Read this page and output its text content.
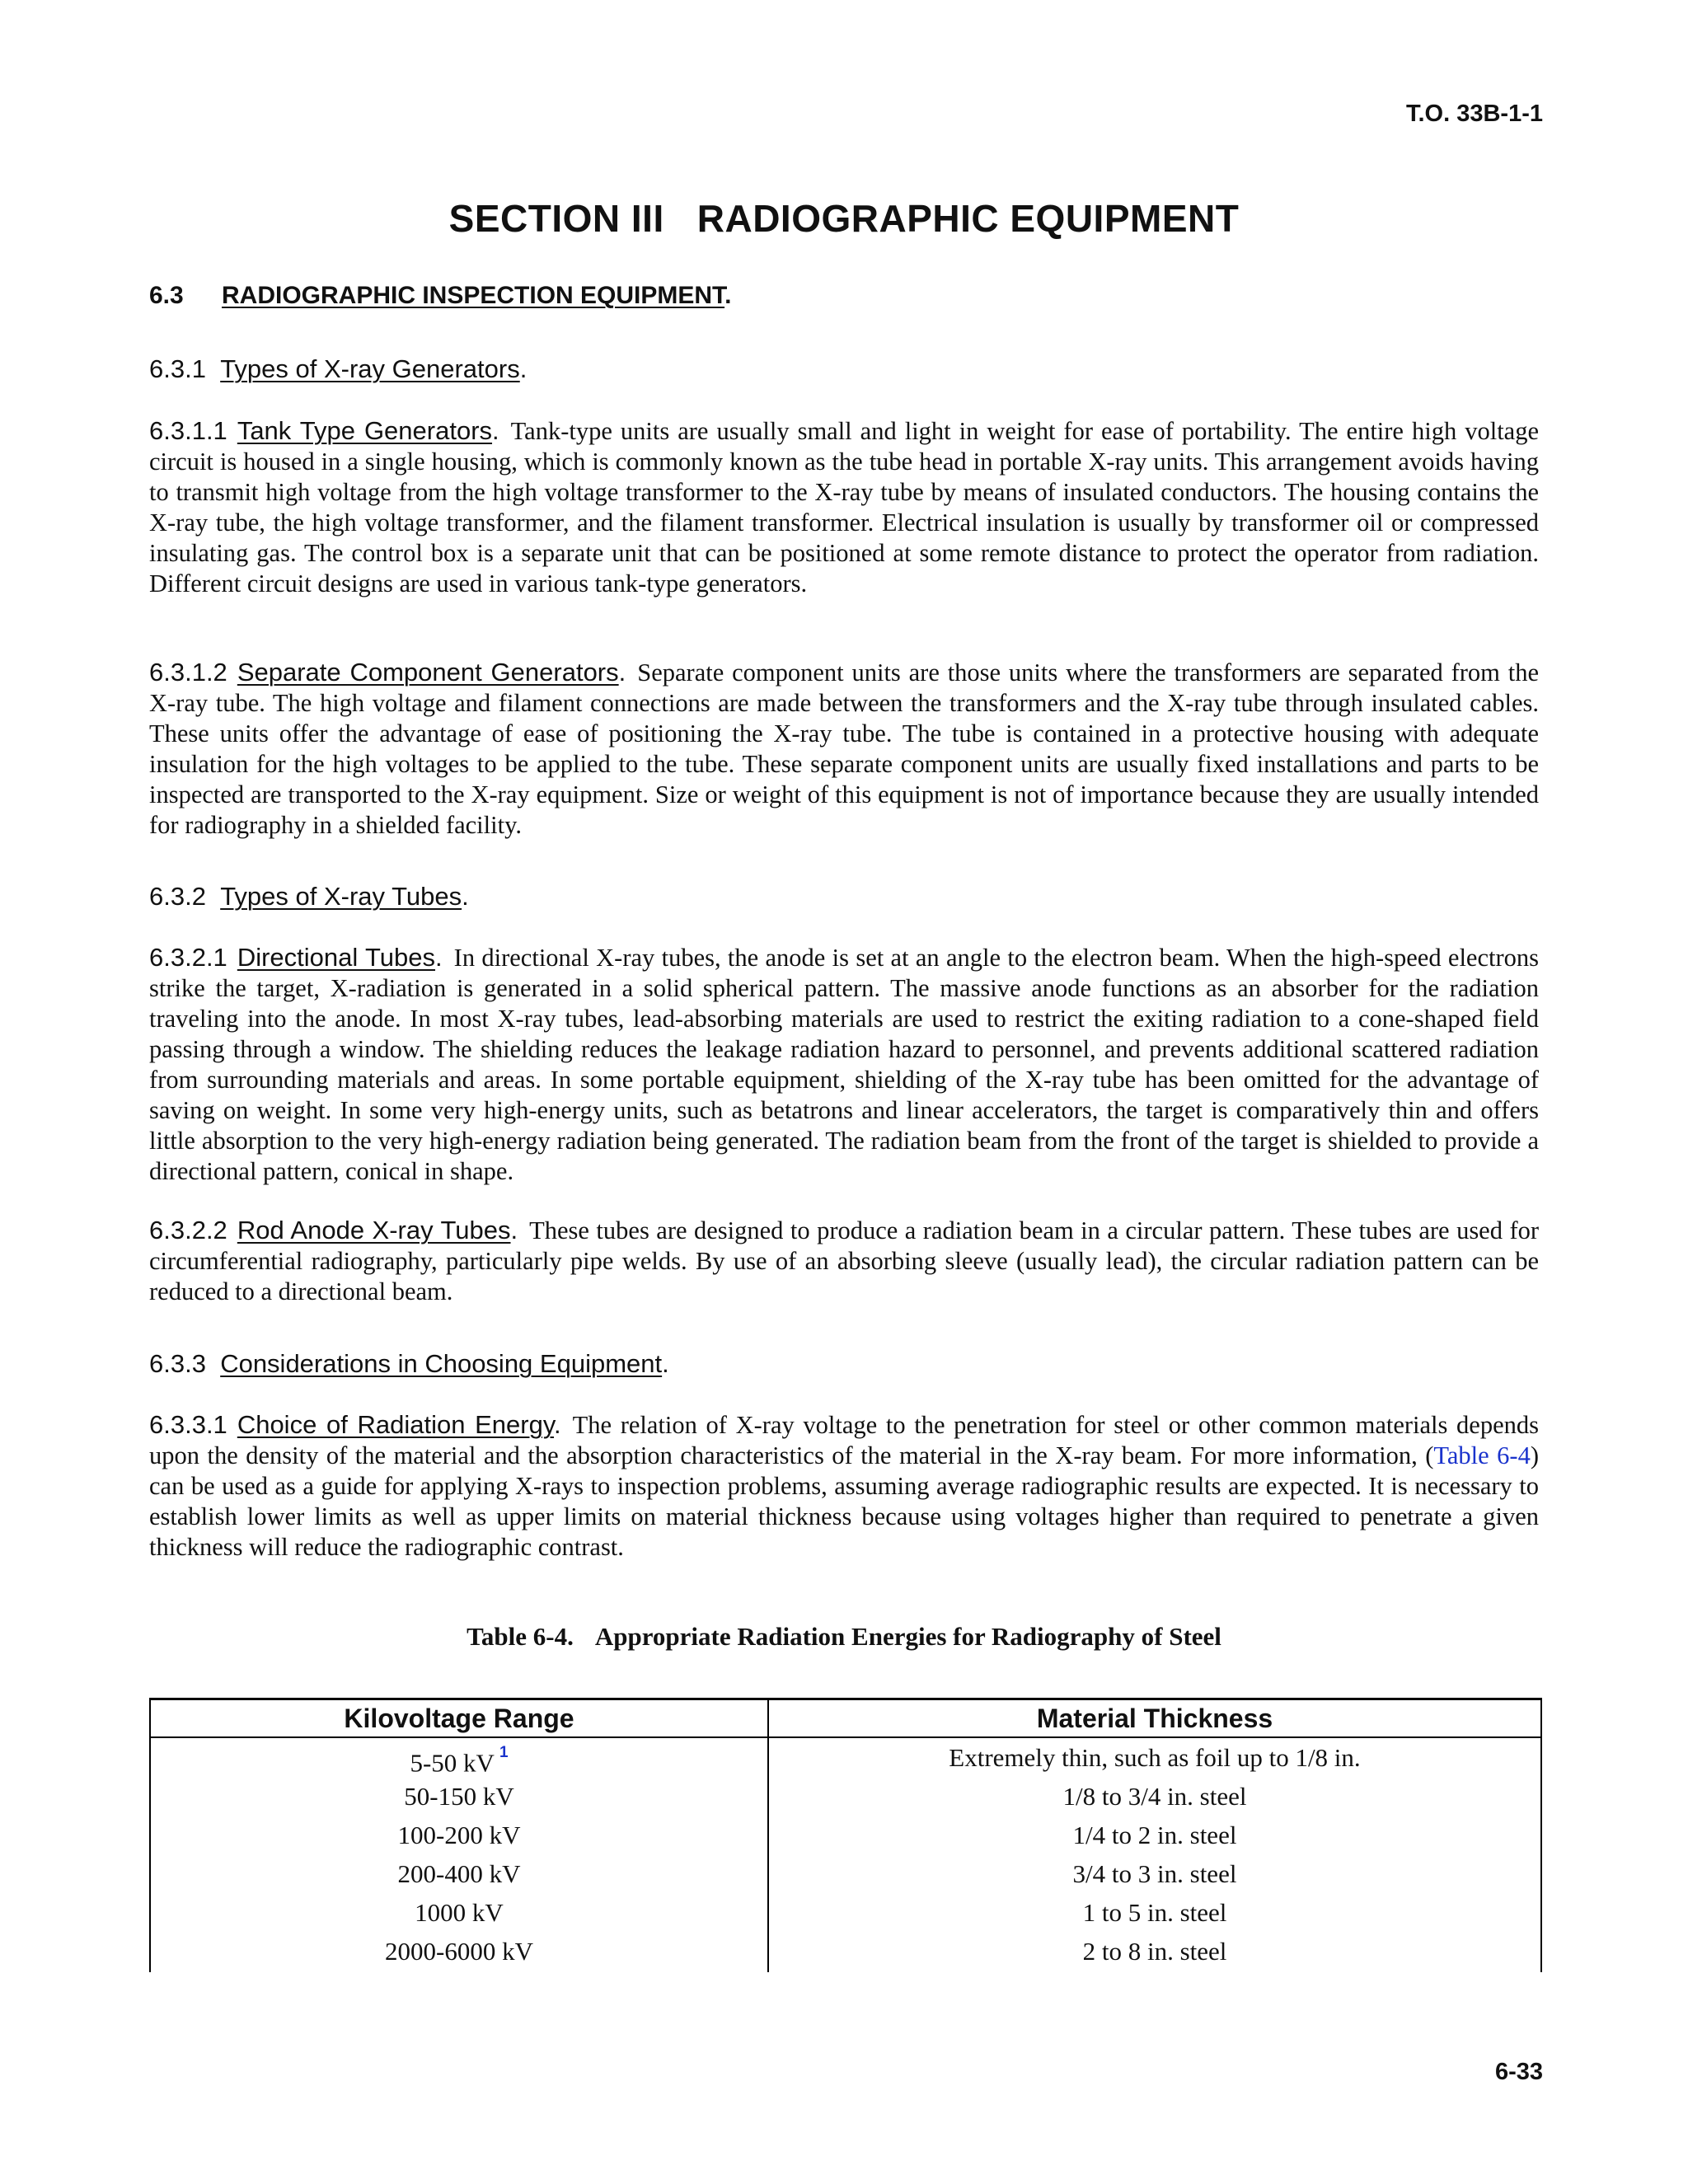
T.O. 33B-1-1
SECTION III RADIOGRAPHIC EQUIPMENT
6.3 RADIOGRAPHIC INSPECTION EQUIPMENT.
6.3.1 Types of X-ray Generators.
6.3.1.1 Tank Type Generators. Tank-type units are usually small and light in weight for ease of portability. The entire high voltage circuit is housed in a single housing, which is commonly known as the tube head in portable X-ray units. This arrangement avoids having to transmit high voltage from the high voltage transformer to the X-ray tube by means of insulated conductors. The housing contains the X-ray tube, the high voltage transformer, and the filament transformer. Electrical insulation is usually by transformer oil or compressed insulating gas. The control box is a separate unit that can be positioned at some remote distance to protect the operator from radiation. Different circuit designs are used in various tank-type generators.
6.3.1.2 Separate Component Generators. Separate component units are those units where the transformers are separated from the X-ray tube. The high voltage and filament connections are made between the transformers and the X-ray tube through insulated cables. These units offer the advantage of ease of positioning the X-ray tube. The tube is contained in a protective housing with adequate insulation for the high voltages to be applied to the tube. These separate component units are usually fixed installations and parts to be inspected are transported to the X-ray equipment. Size or weight of this equipment is not of importance because they are usually intended for radiography in a shielded facility.
6.3.2 Types of X-ray Tubes.
6.3.2.1 Directional Tubes. In directional X-ray tubes, the anode is set at an angle to the electron beam. When the high-speed electrons strike the target, X-radiation is generated in a solid spherical pattern. The massive anode functions as an absorber for the radiation traveling into the anode. In most X-ray tubes, lead-absorbing materials are used to restrict the exiting radiation to a cone-shaped field passing through a window. The shielding reduces the leakage radiation hazard to personnel, and prevents additional scattered radiation from surrounding materials and areas. In some portable equipment, shielding of the X-ray tube has been omitted for the advantage of saving on weight. In some very high-energy units, such as betatrons and linear accelerators, the target is comparatively thin and offers little absorption to the very high-energy radiation being generated. The radiation beam from the front of the target is shielded to provide a directional pattern, conical in shape.
6.3.2.2 Rod Anode X-ray Tubes. These tubes are designed to produce a radiation beam in a circular pattern. These tubes are used for circumferential radiography, particularly pipe welds. By use of an absorbing sleeve (usually lead), the circular radiation pattern can be reduced to a directional beam.
6.3.3 Considerations in Choosing Equipment.
6.3.3.1 Choice of Radiation Energy. The relation of X-ray voltage to the penetration for steel or other common materials depends upon the density of the material and the absorption characteristics of the material in the X-ray beam. For more information, (Table 6-4) can be used as a guide for applying X-rays to inspection problems, assuming average radiographic results are expected. It is necessary to establish lower limits as well as upper limits on material thickness because using voltages higher than required to penetrate a given thickness will reduce the radiographic contrast.
Table 6-4. Appropriate Radiation Energies for Radiography of Steel
Kilovoltage Range
5-50 kV $^1$
50-150 kV
100-200 kV
200-400 kV
1000 kV
2000-6000 kV
Material Thickness
Extremely thin, such as foil up to 1/8 in.
1/8 to 3/4 in. steel
1/4 to 2 in. steel
3/4 to 3 in. steel
1 to 5 in. steel
2 to 8 in. steel
6-33
